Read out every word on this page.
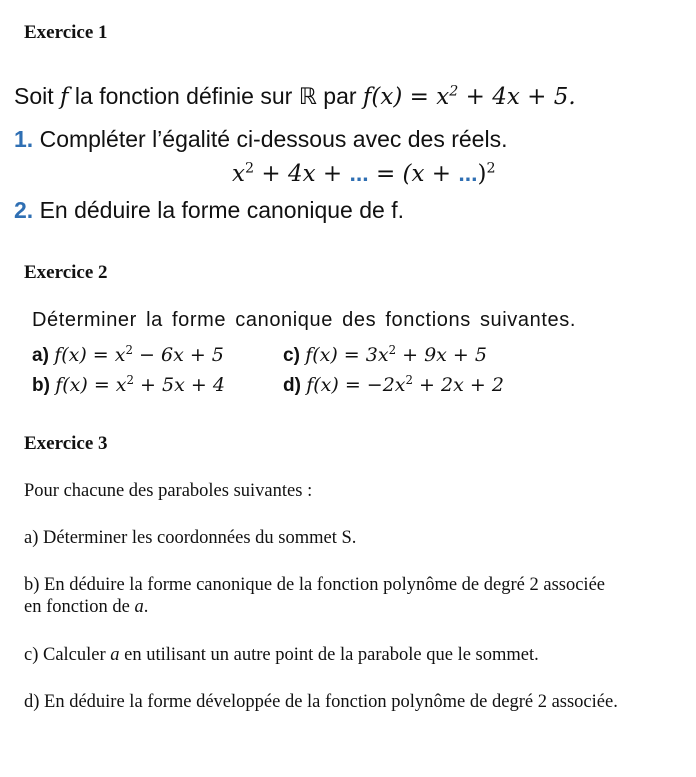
Exercice 1
Soit f la fonction définie sur ℝ par $f(x) = x^2 + 4x + 5$.
1. Compléter l’égalité ci-dessous avec des réels.
$x^2 + 4x$ + ... = (x + ...)$^2$
2. En déduire la forme canonique de f.
Exercice 2
Déterminer la forme canonique des fonctions suivantes.
a) $f(x) = x^2 - 6x + 5$
b) $f(x) = x^2 + 5x + 4$
c) $f(x) = 3x^2 + 9x + 5$
d) $f(x) = -2x^2 + 2x + 2$
Exercice 3
Pour chacune des paraboles suivantes :
a) Déterminer les coordonnées du sommet S.
b) En déduire la forme canonique de la fonction polynôme de degré 2 associée
en fonction de a.
c) Calculer a en utilisant un autre point de la parabole que le sommet.
d) En déduire la forme développée de la fonction polynôme de degré 2 associée.
